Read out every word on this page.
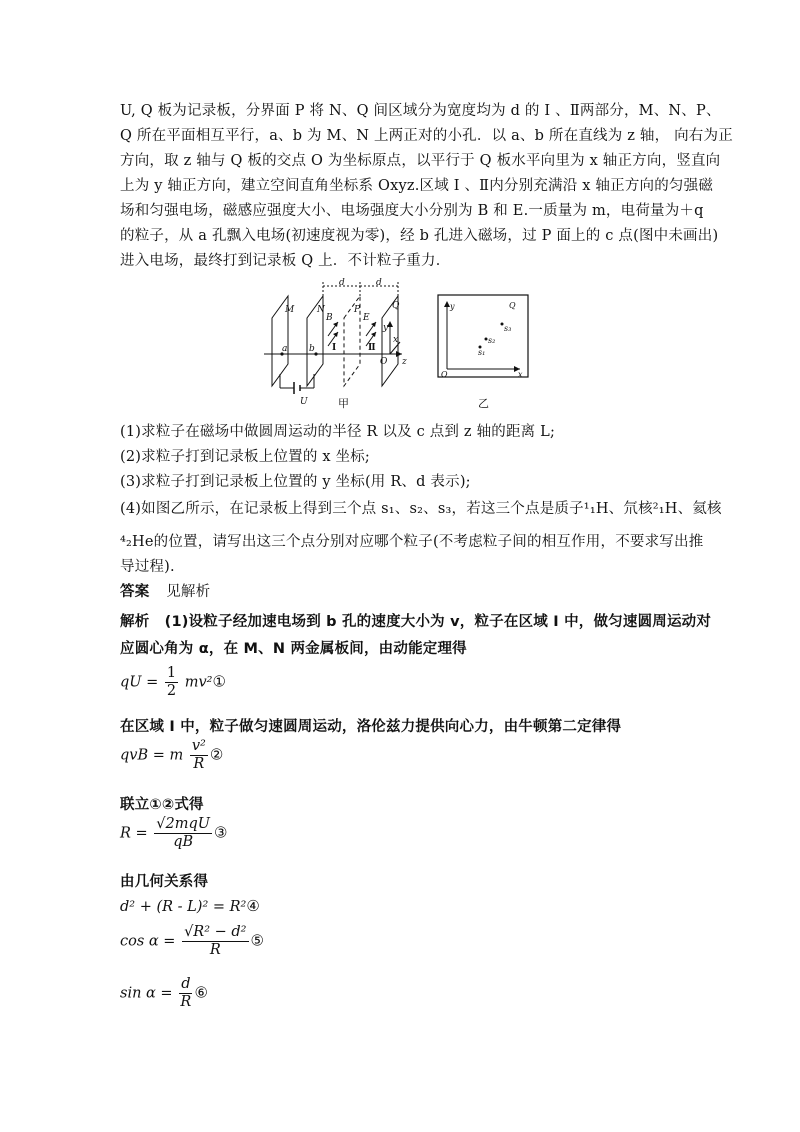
U, Q 板为记录板，分界面 P 将 N、Q 间区域分为宽度均为 d 的 Ⅰ 、Ⅱ两部分，M、N、P、
Q 所在平面相互平行，a、b 为 M、N 上两正对的小孔．以 a、b 所在直线为 z 轴， 向右为正
方向，取 z 轴与 Q 板的交点 O 为坐标原点，以平行于 Q 板水平向里为 x 轴正方向，竖直向
上为 y 轴正方向，建立空间直角坐标系 Oxyz.区域 Ⅰ 、Ⅱ内分别充满沿 x 轴正方向的匀强磁
场和匀强电场，磁感应强度大小、电场强度大小分别为 B 和 E.一质量为 m，电荷量为＋q
的粒子，从 a 孔飘入电场(初速度视为零)，经 b 孔进入磁场，过 P 面上的 c 点(图中未画出)
进入电场，最终打到记录板 Q 上．不计粒子重力．
M	N
B
P
E
Q
a b
U
O z
y
x
d	d
Ⅰ	Ⅱ
甲
y	Q
O	x
s₁
s₂
s₃
乙
(1)求粒子在磁场中做圆周运动的半径 R 以及 c 点到 z 轴的距离 L;
(2)求粒子打到记录板上位置的 x 坐标;
(3)求粒子打到记录板上位置的 y 坐标(用 R、d 表示);
(4)如图乙所示，在记录板上得到三个点 s₁、s₂、s₃，若这三个点是质子¹₁H、氘核²₁H、氦核
⁴₂He的位置，请写出这三个点分别对应哪个粒子(不考虑粒子间的相互作用，不要求写出推
导过程).
答案 见解析
解析 (1)设粒子经加速电场到 b 孔的速度大小为 v，粒子在区域 Ⅰ 中，做匀速圆周运动对
应圆心角为 α，在 M、N 两金属板间，由动能定理得
qU = $\frac{1}{2}$ mv²①
在区域 Ⅰ 中，粒子做匀速圆周运动，洛伦兹力提供向心力，由牛顿第二定律得
qvB = m $\frac{\text{v²}}{R}$ ②
联立①②式得
$R = \frac{\text{√2mqU}}{qB}$ ③
由几何关系得
d² + (R - L)² = R²④
$\cos \alpha = \frac{\text{√R² − d²}}{R}$ ⑤
$\sin \alpha = \frac{d}{R}$ ⑥
